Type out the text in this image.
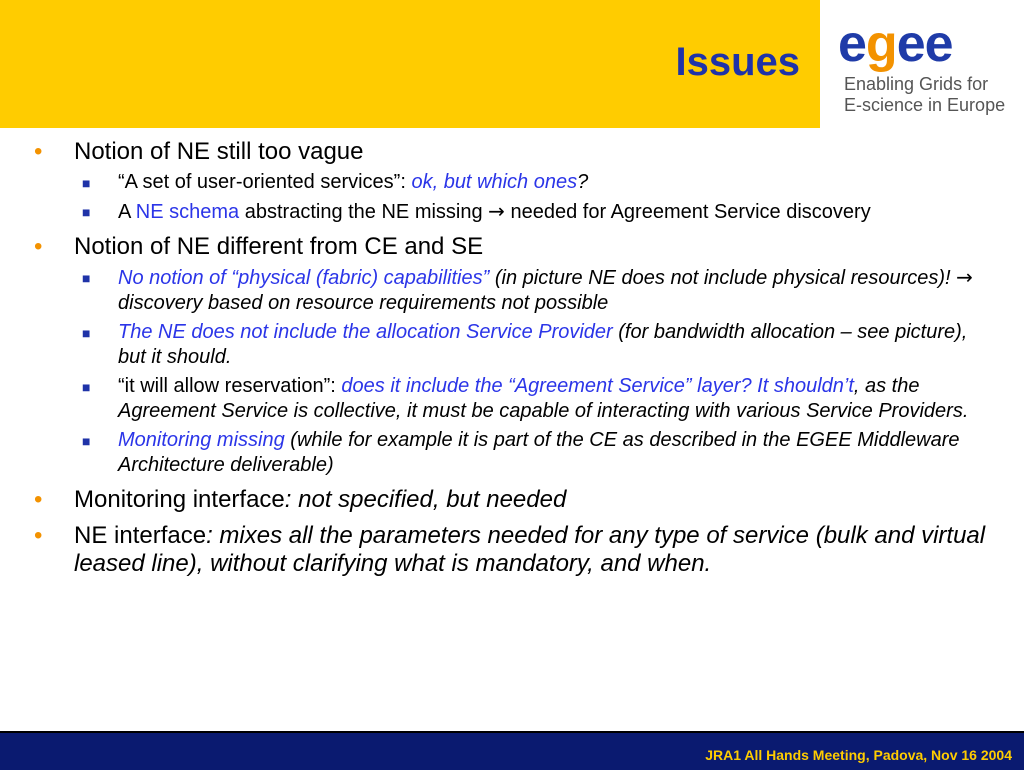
Issues egee
Enabling Grids for
E-science in Europe
• Notion of NE still too vague
■ “A set of user-oriented services”: ok, but which ones?
■ A NE schema abstracting the NE missing → needed for Agreement Service discovery
• Notion of NE different from CE and SE
■ No notion of “physical (fabric) capabilities” (in picture NE does not include physical resources)! → discovery based on resource requirements not possible
■ The NE does not include the allocation Service Provider (for bandwidth allocation – see picture), but it should.
■ “it will allow reservation”: does it include the “Agreement Service” layer? It shouldn’t, as the Agreement Service is collective, it must be capable of interacting with various Service Providers.
■ Monitoring missing (while for example it is part of the CE as described in the EGEE Middleware Architecture deliverable)
• Monitoring interface: not specified, but needed
• NE interface: mixes all the parameters needed for any type of service (bulk and virtual leased line), without clarifying what is mandatory, and when.
JRA1 All Hands Meeting, Padova, Nov 16 2004
